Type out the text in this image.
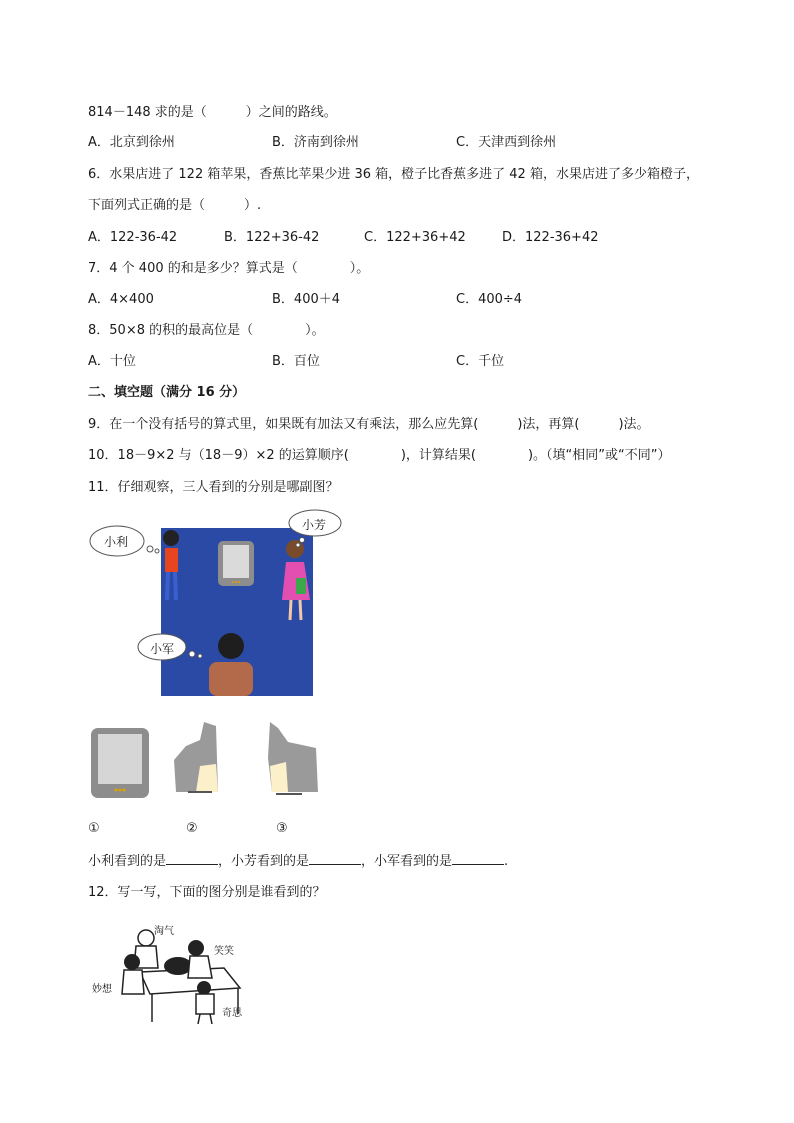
814－148 求的是（　　　）之间的路线。
A．北京到徐州	B．济南到徐州	C．天津西到徐州
6．水果店进了 122 箱苹果，香蕉比苹果少进 36 箱，橙子比香蕉多进了 42 箱，水果店进了多少箱橙子，
下面列式正确的是（　　　）.
A．122-36-42	B．122+36-42	C．122+36+42	D．122-36+42
7．4 个 400 的和是多少？算式是（　　　　）。
A．4×400	B．400＋4	C．400÷4
8．50×8 的积的最高位是（　　　　）。
A．十位	B．百位	C．千位
二、填空题（满分 16 分）
9．在一个没有括号的算式里，如果既有加法又有乘法，那么应先算(　　　)法，再算(　　　)法。
10．18－9×2 与（18－9）×2 的运算顺序(　　　　)，计算结果(　　　　)。（填“相同”或“不同”）
11．仔细观察，三人看到的分别是哪副图？
小利
小芳
小军
①	②	③
小利看到的是	，小芳看到的是	，小军看到的是	.
12．写一写，下面的图分别是谁看到的？
淘气
笑笑
妙想
奇思
